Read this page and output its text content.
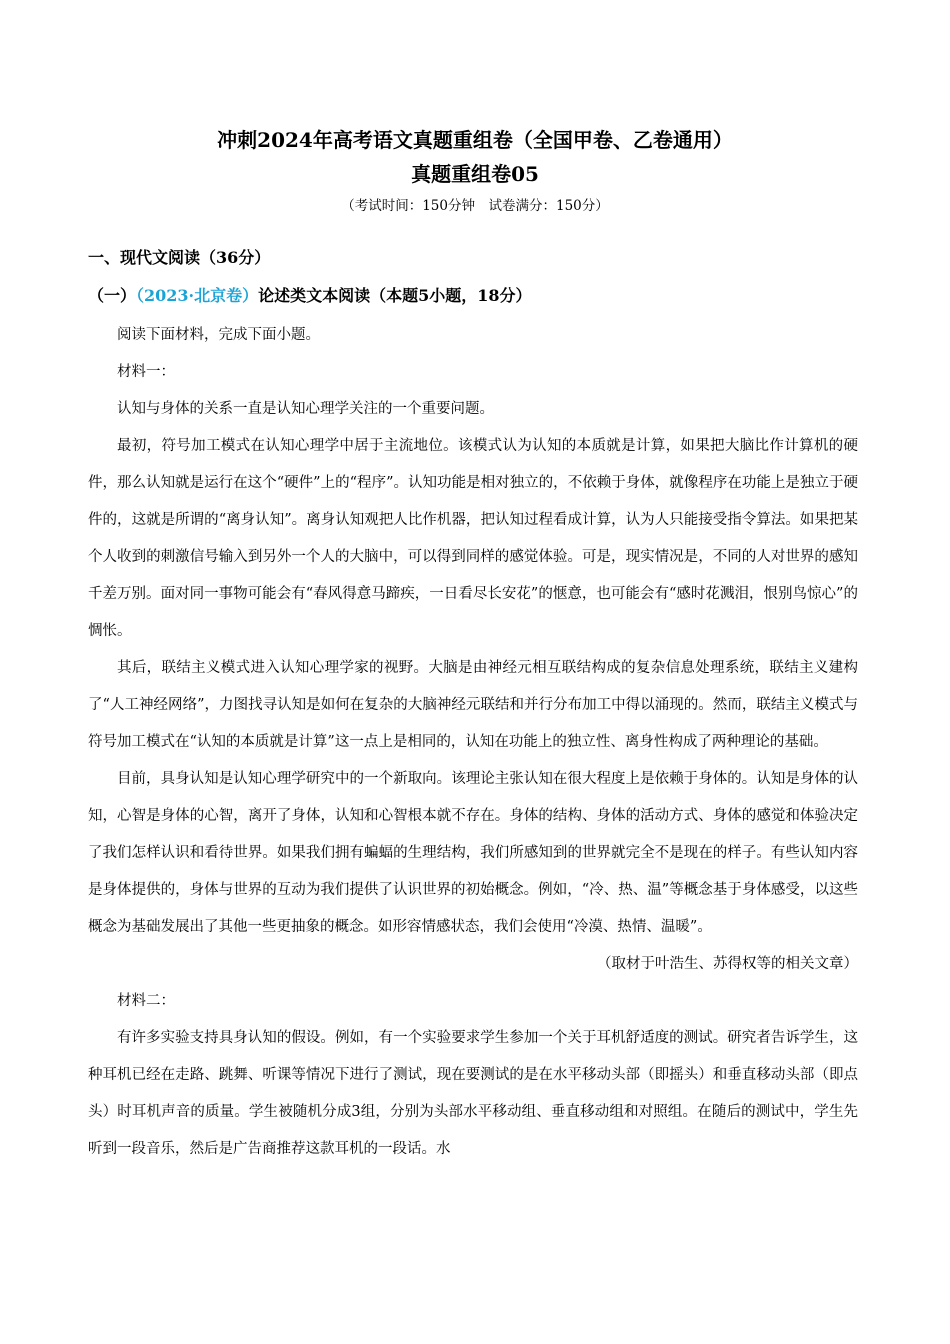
冲刺2024年高考语文真题重组卷（全国甲卷、乙卷通用）
真题重组卷05
（考试时间：150分钟　试卷满分：150分）
一、现代文阅读（36分）
（一）（2023·北京卷）论述类文本阅读（本题5小题，18分）

阅读下面材料，完成下面小题。

材料一：

认知与身体的关系一直是认知心理学关注的一个重要问题。

最初，符号加工模式在认知心理学中居于主流地位。该模式认为认知的本质就是计算，如果把大脑比作计算机的硬件，那么认知就是运行在这个“硬件”上的“程序”。认知功能是相对独立的，不依赖于身体，就像程序在功能上是独立于硬件的，这就是所谓的“离身认知”。离身认知观把人比作机器，把认知过程看成计算，认为人只能接受指令算法。如果把某个人收到的刺激信号输入到另外一个人的大脑中，可以得到同样的感觉体验。可是，现实情况是，不同的人对世界的感知千差万别。面对同一事物可能会有“春风得意马蹄疾，一日看尽长安花”的惬意，也可能会有“感时花溅泪，恨别鸟惊心”的惆怅。

其后，联结主义模式进入认知心理学家的视野。大脑是由神经元相互联结构成的复杂信息处理系统，联结主义建构了“人工神经网络”，力图找寻认知是如何在复杂的大脑神经元联结和并行分布加工中得以涌现的。然而，联结主义模式与符号加工模式在“认知的本质就是计算”这一点上是相同的，认知在功能上的独立性、离身性构成了两种理论的基础。

目前，具身认知是认知心理学研究中的一个新取向。该理论主张认知在很大程度上是依赖于身体的。认知是身体的认知，心智是身体的心智，离开了身体，认知和心智根本就不存在。身体的结构、身体的活动方式、身体的感觉和体验决定了我们怎样认识和看待世界。如果我们拥有蝙蝠的生理结构，我们所感知到的世界就完全不是现在的样子。有些认知内容是身体提供的，身体与世界的互动为我们提供了认识世界的初始概念。例如，“冷、热、温”等概念基于身体感受，以这些概念为基础发展出了其他一些更抽象的概念。如形容情感状态，我们会使用“冷漠、热情、温暖”。

（取材于叶浩生、苏得权等的相关文章）

材料二：

有许多实验支持具身认知的假设。例如，有一个实验要求学生参加一个关于耳机舒适度的测试。研究者告诉学生，这种耳机已经在走路、跳舞、听课等情况下进行了测试，现在要测试的是在水平移动头部（即摇头）和垂直移动头部（即点头）时耳机声音的质量。学生被随机分成3组，分别为头部水平移动组、垂直移动组和对照组。在随后的测试中，学生先听到一段音乐，然后是广告商推荐这款耳机的一段话。水
